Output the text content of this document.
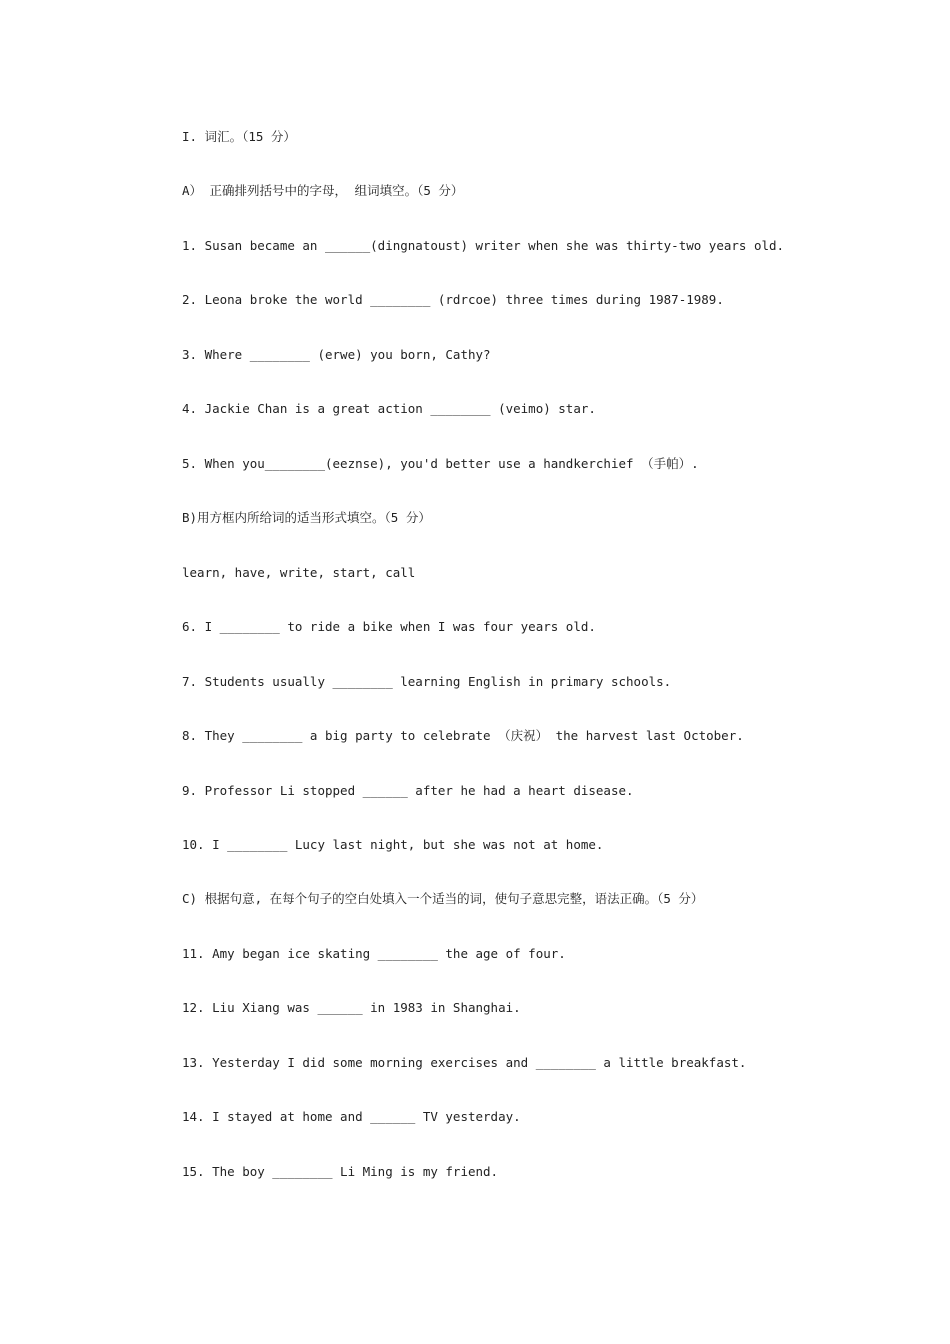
I. 词汇。（15 分）
A） 正确排列括号中的字母， 组词填空。（5 分）
1. Susan became an ______(dingnatoust) writer when she was thirty-two years old.
2. Leona broke the world ________ (rdrcoe) three times during 1987-1989.
3. Where ________ (erwe) you born, Cathy?
4. Jackie Chan is a great action ________ (veimo) star.
5. When you________(eeznse), you'd better use a handkerchief （手帕）.
B)用方框内所给词的适当形式填空。（5 分）
learn, have, write, start, call
6. I ________ to ride a bike when I was four years old.
7. Students usually ________ learning English in primary schools.
8. They ________ a big party to celebrate （庆祝） the harvest last October.
9. Professor Li stopped ______ after he had a heart disease.
10. I ________ Lucy last night, but she was not at home.
C) 根据句意, 在每个句子的空白处填入一个适当的词，使句子意思完整，语法正确。（5 分）
11. Amy began ice skating ________ the age of four.
12. Liu Xiang was ______ in 1983 in Shanghai.
13. Yesterday I did some morning exercises and ________ a little breakfast.
14. I stayed at home and ______ TV yesterday.
15. The boy ________ Li Ming is my friend.
